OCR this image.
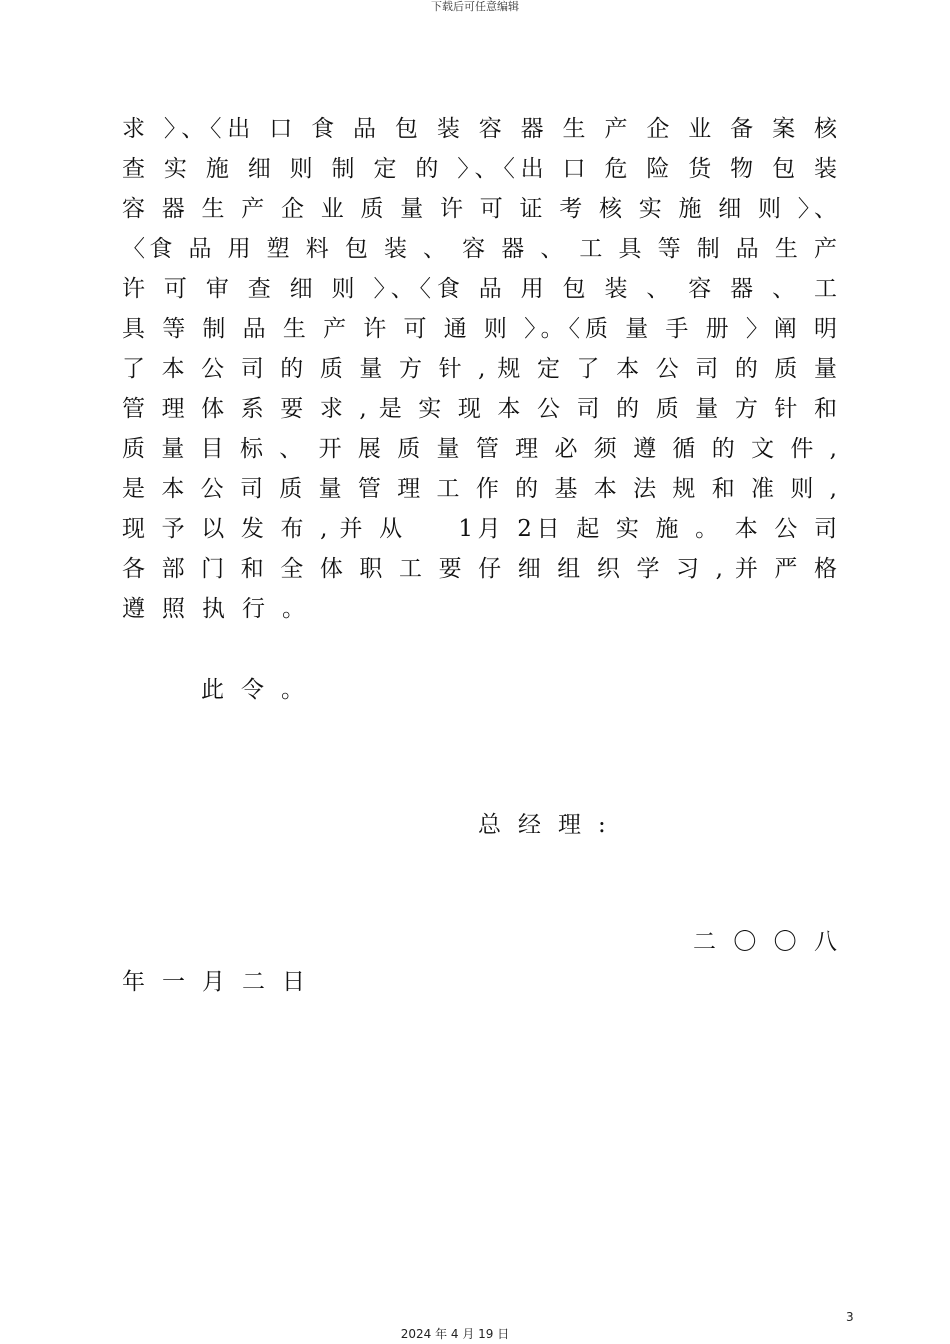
下载后可任意编辑
求 〉、〈出 口 食 品 包 装 容 器 生 产 企 业 备 案 核
查 实 施 细 则 制 定 的 〉、〈出 口 危 险 货 物 包 装
容 器 生 产 企 业 质 量 许 可 证 考 核 实 施 细 则 〉、
〈食 品 用 塑 料 包 装 、 容 器 、 工 具 等 制 品 生 产
许 可 审 查 细 则 〉、〈食 品 用 包 装 、 容 器 、 工
具 等 制 品 生 产 许 可 通 则 〉。〈质 量 手 册 〉阐 明
了 本 公 司 的 质 量 方 针 , 规 定 了 本 公 司 的 质 量
管 理 体 系 要 求 , 是 实 现 本 公 司 的 质 量 方 针 和
质 量 目 标 、 开 展 质 量 管 理 必 须 遵 循 的 文 件 ,
是 本 公 司 质 量 管 理 工 作 的 基 本 法 规 和 准 则 ,
现 予 以 发 布 , 并 从 　 1月 2日 起 实 施 。 本 公 司
各 部 门 和 全 体 职 工 要 仔 细 组 织 学 习 , 并 严 格
遵照执行。
此令。
总经理:
二 〇 〇 八
年一月二日
3
2024 年 4 月 19 日
